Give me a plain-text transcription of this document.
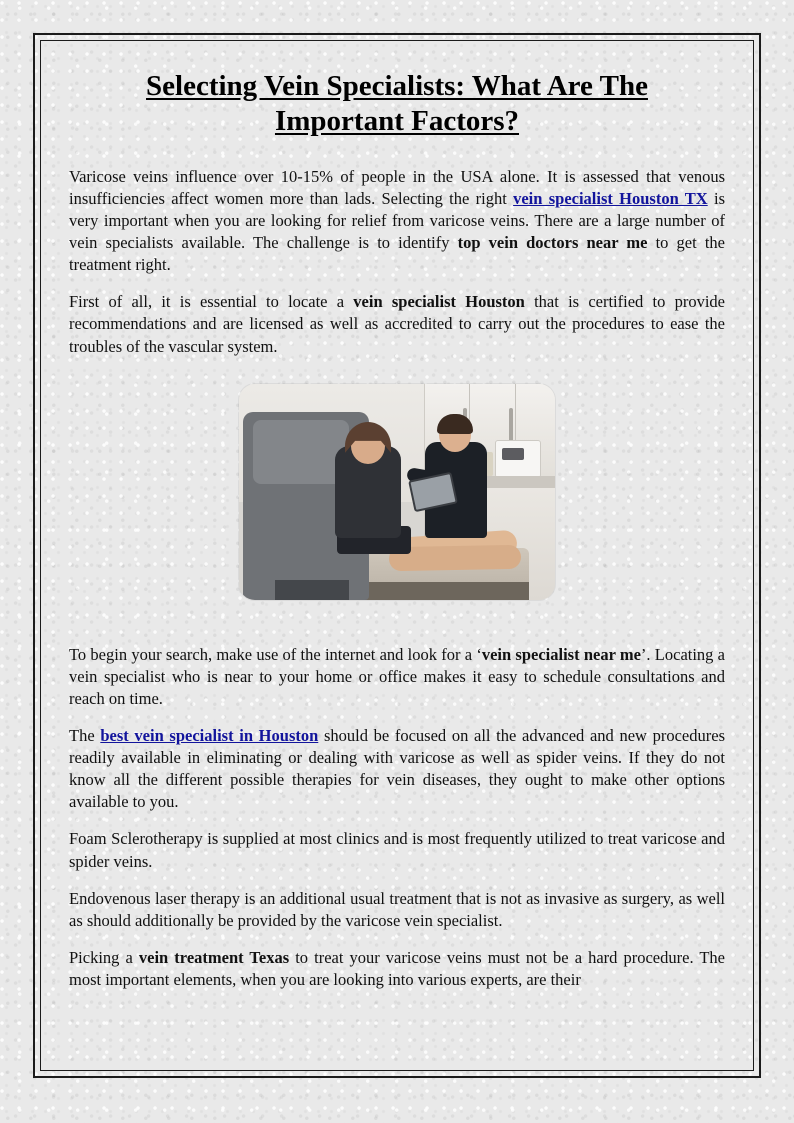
Selecting Vein Specialists: What Are The Important Factors?

Varicose veins influence over 10-15% of people in the USA alone. It is assessed that venous insufficiencies affect women more than lads. Selecting the right vein specialist Houston TX is very important when you are looking for relief from varicose veins. There are a large number of vein specialists available. The challenge is to identify top vein doctors near me to get the treatment right.

First of all, it is essential to locate a vein specialist Houston that is certified to provide recommendations and are licensed as well as accredited to carry out the procedures to ease the troubles of the vascular system.

To begin your search, make use of the internet and look for a ‘vein specialist near me’. Locating a vein specialist who is near to your home or office makes it easy to schedule consultations and reach on time.

The best vein specialist in Houston should be focused on all the advanced and new procedures readily available in eliminating or dealing with varicose as well as spider veins. If they do not know all the different possible therapies for vein diseases, they ought to make other options available to you.

Foam Sclerotherapy is supplied at most clinics and is most frequently utilized to treat varicose and spider veins.

Endovenous laser therapy is an additional usual treatment that is not as invasive as surgery, as well as should additionally be provided by the varicose vein specialist.

Picking a vein treatment Texas to treat your varicose veins must not be a hard procedure. The most important elements, when you are looking into various experts, are their
